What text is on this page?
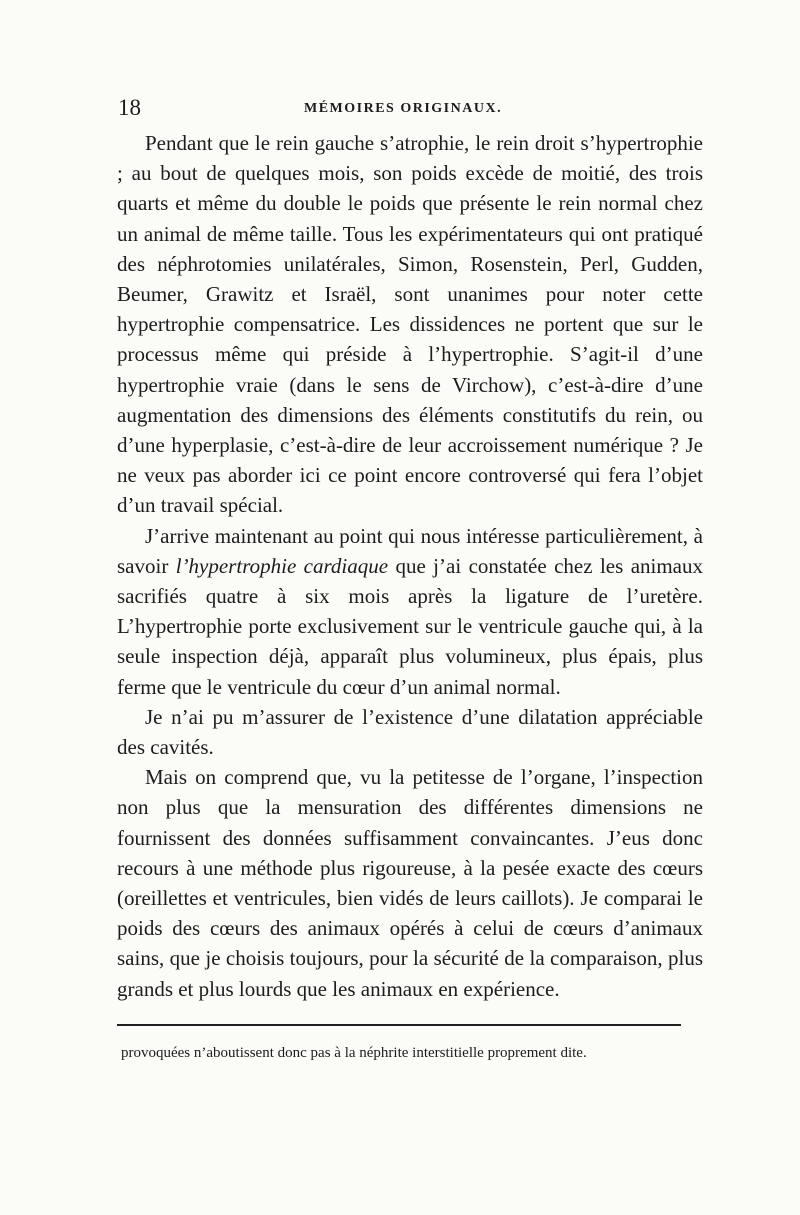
18	MÉMOIRES ORIGINAUX.

Pendant que le rein gauche s’atrophie, le rein droit s’hypertrophie ; au bout de quelques mois, son poids excède de moitié, des trois quarts et même du double le poids que présente le rein normal chez un animal de même taille. Tous les expérimentateurs qui ont pratiqué des néphrotomies unilatérales, Simon, Rosenstein, Perl, Gudden, Beumer, Grawitz et Israël, sont unanimes pour noter cette hypertrophie compensatrice. Les dissidences ne portent que sur le processus même qui préside à l’hypertrophie. S’agit-il d’une hypertrophie vraie (dans le sens de Virchow), c’est-à-dire d’une augmentation des dimensions des éléments constitutifs du rein, ou d’une hyperplasie, c’est-à-dire de leur accroissement numérique ? Je ne veux pas aborder ici ce point encore controversé qui fera l’objet d’un travail spécial.

J’arrive maintenant au point qui nous intéresse particulièrement, à savoir l’hypertrophie cardiaque que j’ai constatée chez les animaux sacrifiés quatre à six mois après la ligature de l’uretère. L’hypertrophie porte exclusivement sur le ventricule gauche qui, à la seule inspection déjà, apparaît plus volumineux, plus épais, plus ferme que le ventricule du cœur d’un animal normal.

Je n’ai pu m’assurer de l’existence d’une dilatation appréciable des cavités.

Mais on comprend que, vu la petitesse de l’organe, l’inspection non plus que la mensuration des différentes dimensions ne fournissent des données suffisamment convaincantes. J’eus donc recours à une méthode plus rigoureuse, à la pesée exacte des cœurs (oreillettes et ventricules, bien vidés de leurs caillots). Je comparai le poids des cœurs des animaux opérés à celui de cœurs d’animaux sains, que je choisis toujours, pour la sécurité de la comparaison, plus grands et plus lourds que les animaux en expérience.

provoquées n’aboutissent donc pas à la néphrite interstitielle proprement dite.
